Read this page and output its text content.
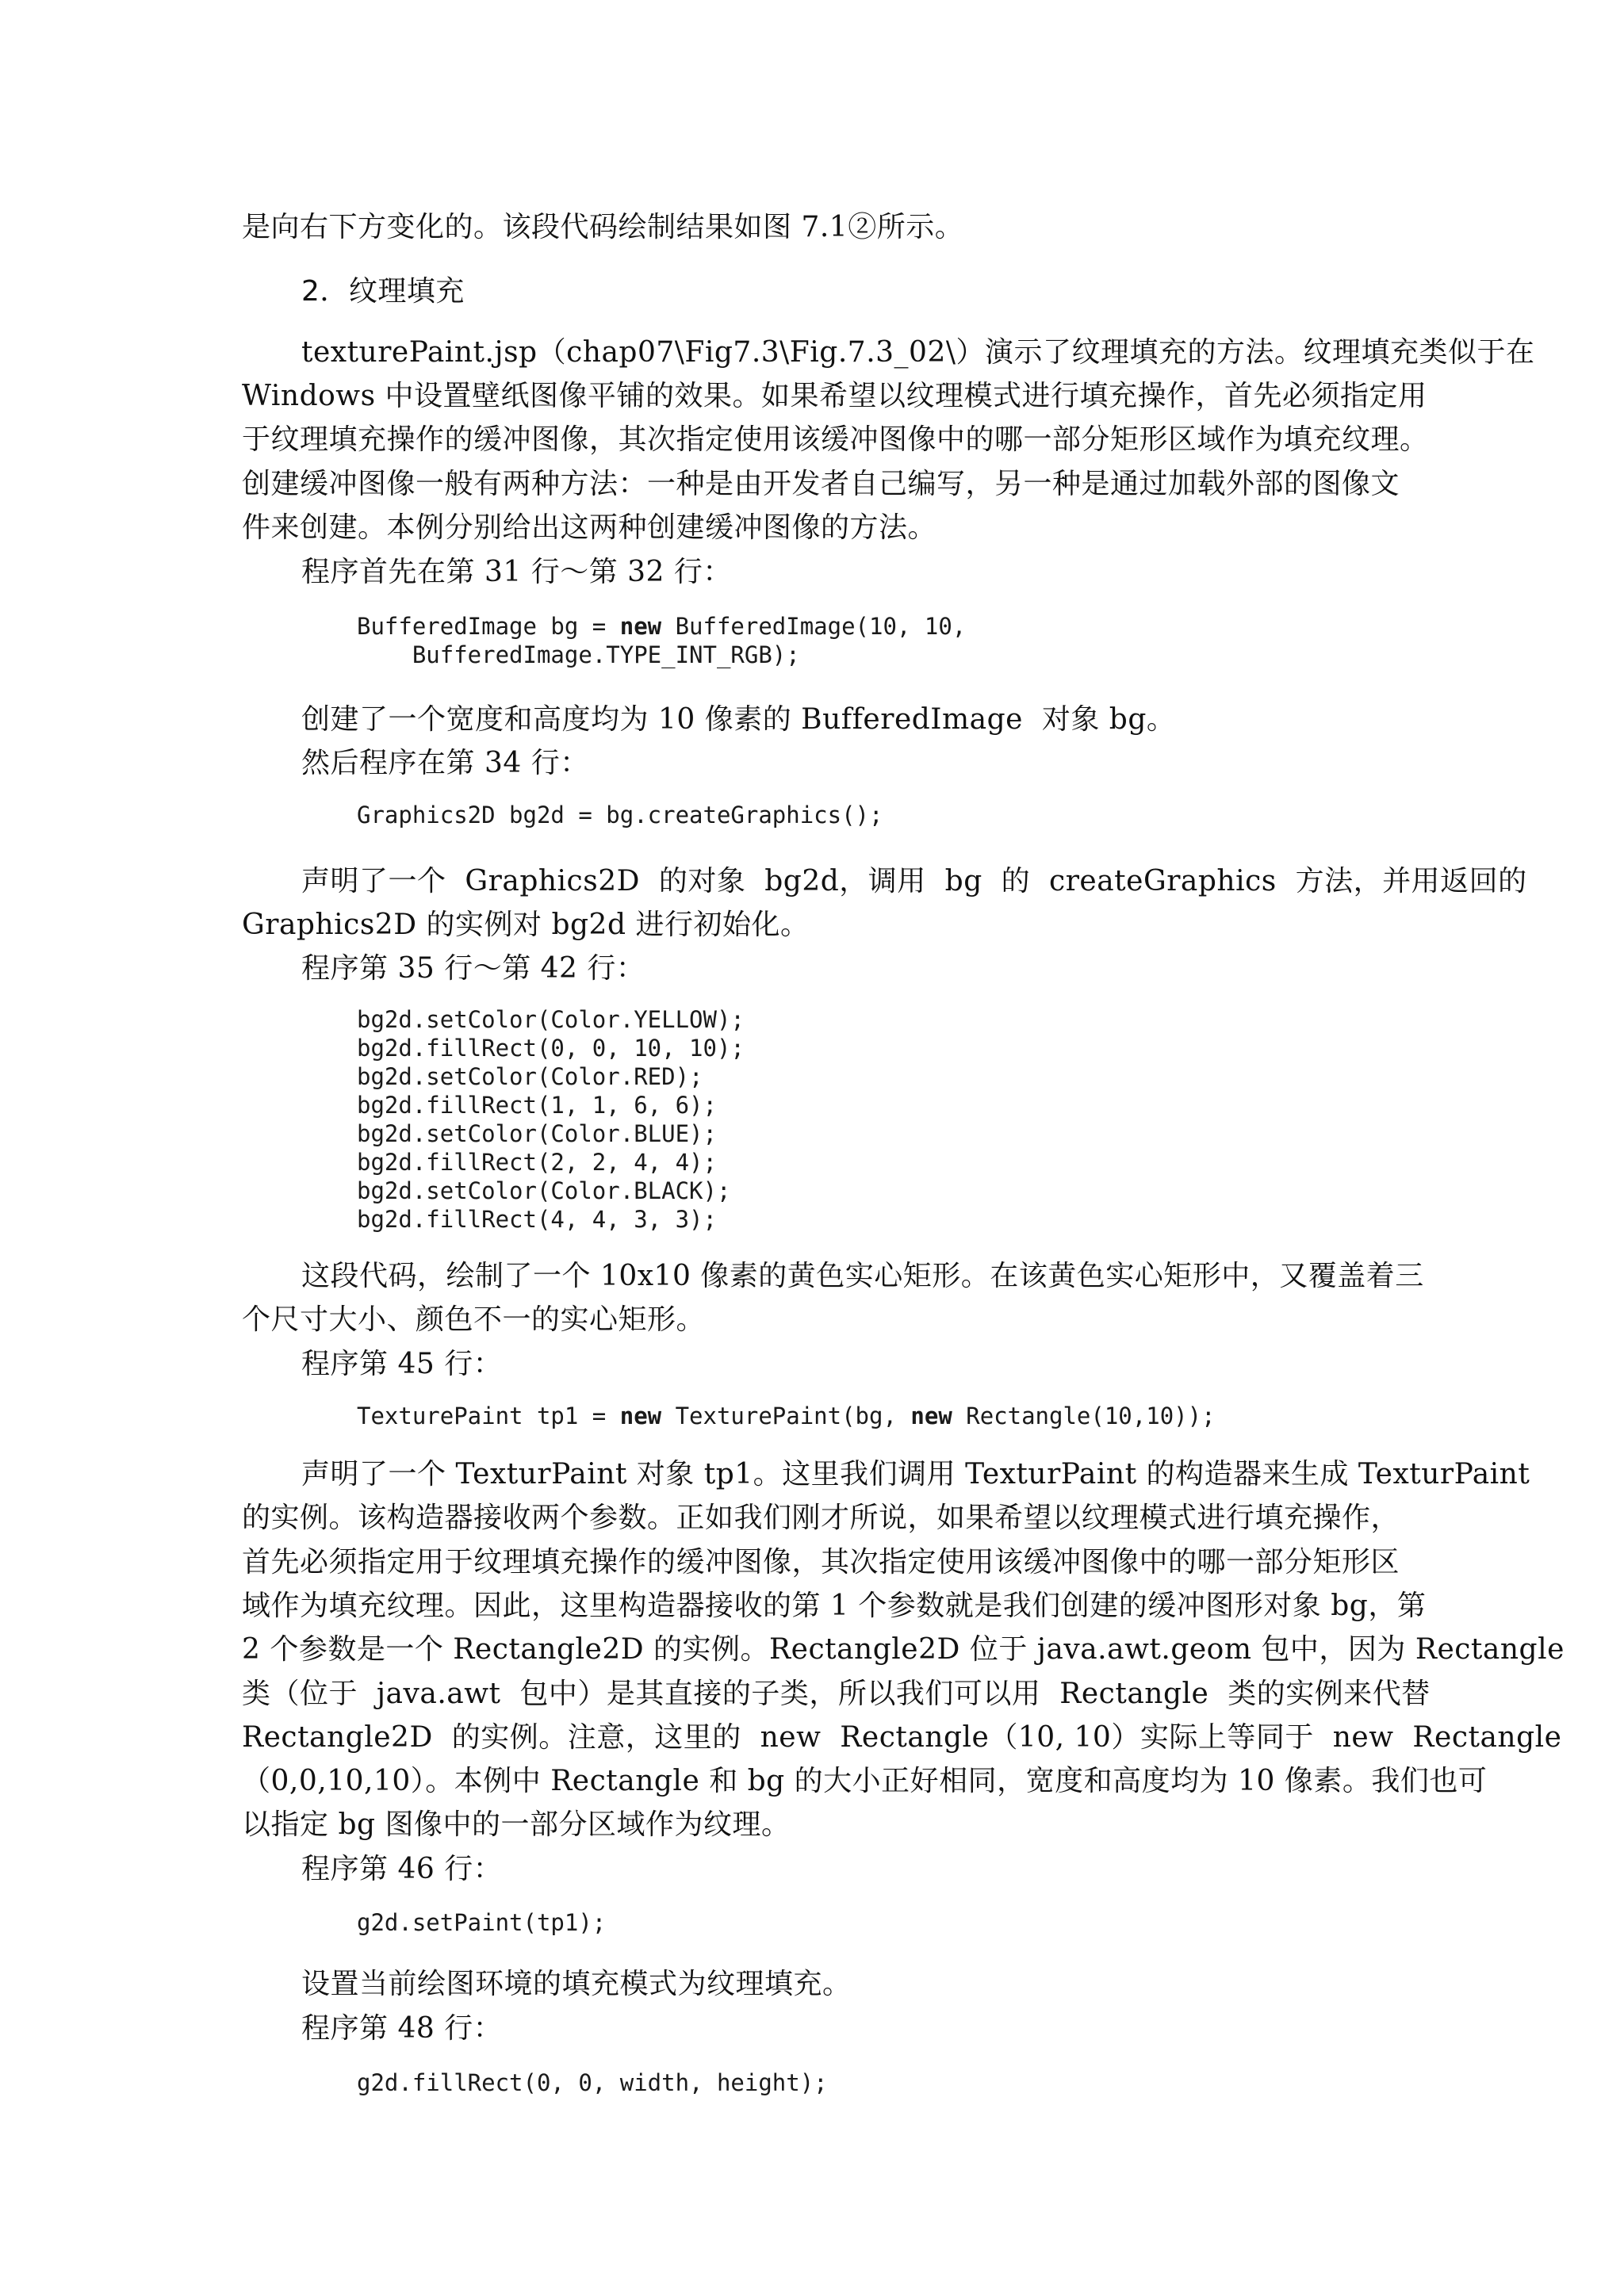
是向右下方变化的。该段代码绘制结果如图 7.1②所示。
2．纹理填充
texturePaint.jsp（chap07\Fig7.3\Fig.7.3_02\）演示了纹理填充的方法。纹理填充类似于在
Windows 中设置壁纸图像平铺的效果。如果希望以纹理模式进行填充操作，首先必须指定用
于纹理填充操作的缓冲图像，其次指定使用该缓冲图像中的哪一部分矩形区域作为填充纹理。
创建缓冲图像一般有两种方法：一种是由开发者自己编写，另一种是通过加载外部的图像文
件来创建。本例分别给出这两种创建缓冲图像的方法。
程序首先在第 31 行～第 32 行：
BufferedImage bg = new BufferedImage(10, 10,
BufferedImage.TYPE_INT_RGB);
创建了一个宽度和高度均为 10 像素的 BufferedImage  对象 bg。
然后程序在第 34 行：
Graphics2D bg2d = bg.createGraphics();
声明了一个  Graphics2D  的对象  bg2d，调用  bg  的  createGraphics  方法，并用返回的
Graphics2D 的实例对 bg2d 进行初始化。
程序第 35 行～第 42 行：
bg2d.setColor(Color.YELLOW);
bg2d.fillRect(0, 0, 10, 10);
bg2d.setColor(Color.RED);
bg2d.fillRect(1, 1, 6, 6);
bg2d.setColor(Color.BLUE);
bg2d.fillRect(2, 2, 4, 4);
bg2d.setColor(Color.BLACK);
bg2d.fillRect(4, 4, 3, 3);
这段代码，绘制了一个 10x10 像素的黄色实心矩形。在该黄色实心矩形中，又覆盖着三
个尺寸大小、颜色不一的实心矩形。
程序第 45 行：
TexturePaint tp1 = new TexturePaint(bg, new Rectangle(10,10));
声明了一个 TexturPaint 对象 tp1。这里我们调用 TexturPaint 的构造器来生成 TexturPaint
的实例。该构造器接收两个参数。正如我们刚才所说，如果希望以纹理模式进行填充操作，
首先必须指定用于纹理填充操作的缓冲图像，其次指定使用该缓冲图像中的哪一部分矩形区
域作为填充纹理。因此，这里构造器接收的第 1 个参数就是我们创建的缓冲图形对象 bg，第
2 个参数是一个 Rectangle2D 的实例。Rectangle2D 位于 java.awt.geom 包中，因为 Rectangle
类（位于  java.awt  包中）是其直接的子类，所以我们可以用  Rectangle  类的实例来代替
Rectangle2D  的实例。注意，这里的  new  Rectangle（10, 10）实际上等同于  new  Rectangle
（0,0,10,10）。本例中 Rectangle 和 bg 的大小正好相同，宽度和高度均为 10 像素。我们也可
以指定 bg 图像中的一部分区域作为纹理。
程序第 46 行：
g2d.setPaint(tp1);
设置当前绘图环境的填充模式为纹理填充。
程序第 48 行：
g2d.fillRect(0, 0, width, height);
